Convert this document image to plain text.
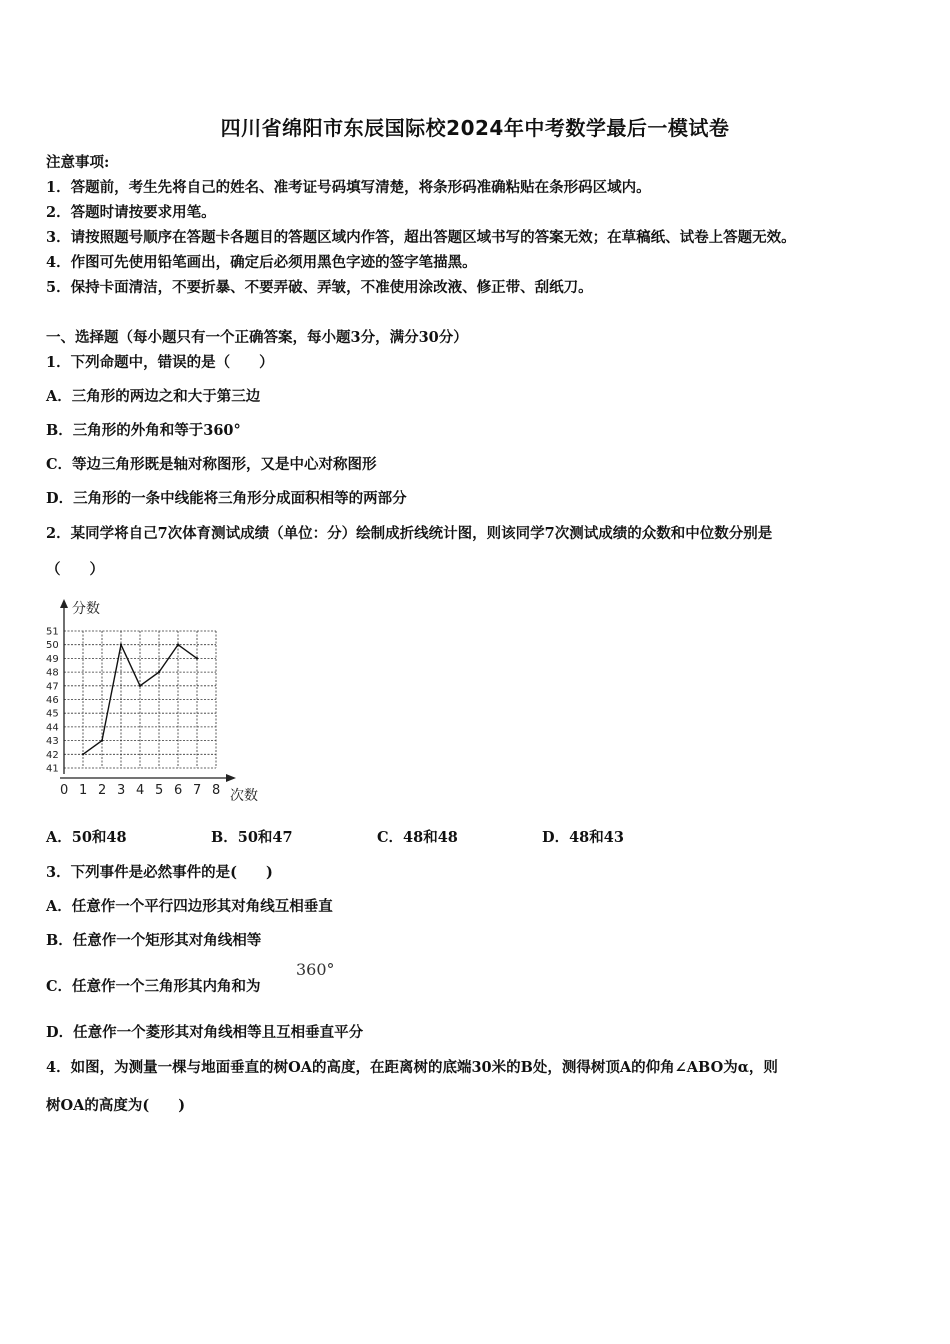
四川省绵阳市东辰国际校2024年中考数学最后一模试卷
注意事项:
1．答题前，考生先将自己的姓名、准考证号码填写清楚，将条形码准确粘贴在条形码区域内。
2．答题时请按要求用笔。
3．请按照题号顺序在答题卡各题目的答题区域内作答，超出答题区域书写的答案无效；在草稿纸、试卷上答题无效。
4．作图可先使用铅笔画出，确定后必须用黑色字迹的签字笔描黑。
5．保持卡面清洁，不要折暴、不要弄破、弄皱，不准使用涂改液、修正带、刮纸刀。
一、选择题（每小题只有一个正确答案，每小题3分，满分30分）
1．下列命题中，错误的是（　　）
A．三角形的两边之和大于第三边
B．三角形的外角和等于360°
C．等边三角形既是轴对称图形，又是中心对称图形
D．三角形的一条中线能将三角形分成面积相等的两部分
2．某同学将自己7次体育测试成绩（单位：分）绘制成折线统计图，则该同学7次测试成绩的众数和中位数分别是
（　　）
分数
次数
41
42
43
44
45
46
47
48
49
50
51
0 1 2 3 4 5 6 7 8
A．50和48	B．50和47	C．48和48	D．48和43
3．下列事件是必然事件的是(　　)
A．任意作一个平行四边形其对角线互相垂直
B．任意作一个矩形其对角线相等
C．任意作一个三角形其内角和为
360°
D．任意作一个菱形其对角线相等且互相垂直平分
4．如图，为测量一棵与地面垂直的树OA的高度，在距离树的底端30米的B处，测得树顶A的仰角∠ABO为α，则
树OA的高度为(　　)
